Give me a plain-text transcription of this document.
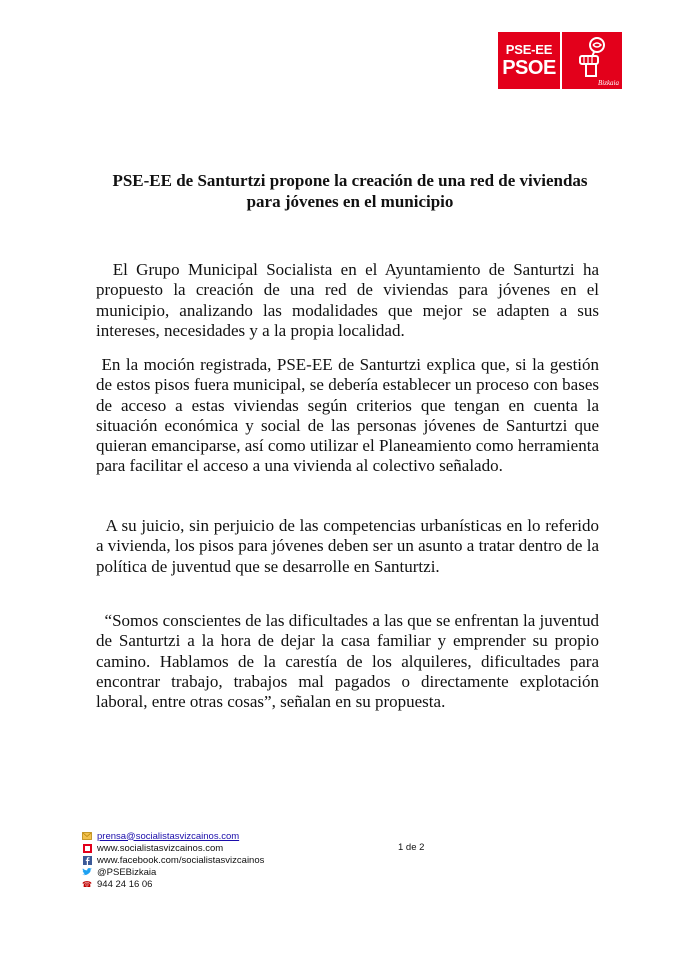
PSE-EE
PSOE
Bizkaia
PSE-EE de Santurtzi propone la creación de una red de viviendas para jóvenes en el municipio
El Grupo Municipal Socialista en el Ayuntamiento de Santurtzi ha propuesto la creación de una red de viviendas para jóvenes en el municipio, analizando las modalidades que mejor se adapten a sus intereses, necesidades y a la propia localidad.
En la moción registrada, PSE-EE de Santurtzi explica que, si la gestión de estos pisos fuera municipal, se debería establecer un proceso con bases de acceso a estas viviendas según criterios que tengan en cuenta la situación económica y social de las personas jóvenes de Santurtzi que quieran emanciparse, así como utilizar el Planeamiento como herramienta para facilitar el acceso a una vivienda al colectivo señalado.
A su juicio, sin perjuicio de las competencias urbanísticas en lo referido a vivienda, los pisos para jóvenes deben ser un asunto a tratar dentro de la política de juventud que se desarrolle en Santurtzi.
“Somos conscientes de las dificultades a las que se enfrentan la juventud de Santurtzi a la hora de dejar la casa familiar y emprender su propio camino. Hablamos de la carestía de los alquileres, dificultades para encontrar trabajo, trabajos mal pagados o directamente explotación laboral, entre otras cosas”, señalan en su propuesta.
prensa@socialistasvizcainos.com
www.socialistasvizcainos.com
www.facebook.com/socialistasvizcainos
@PSEBizkaia
☎ 944 24 16 06
1 de 2
